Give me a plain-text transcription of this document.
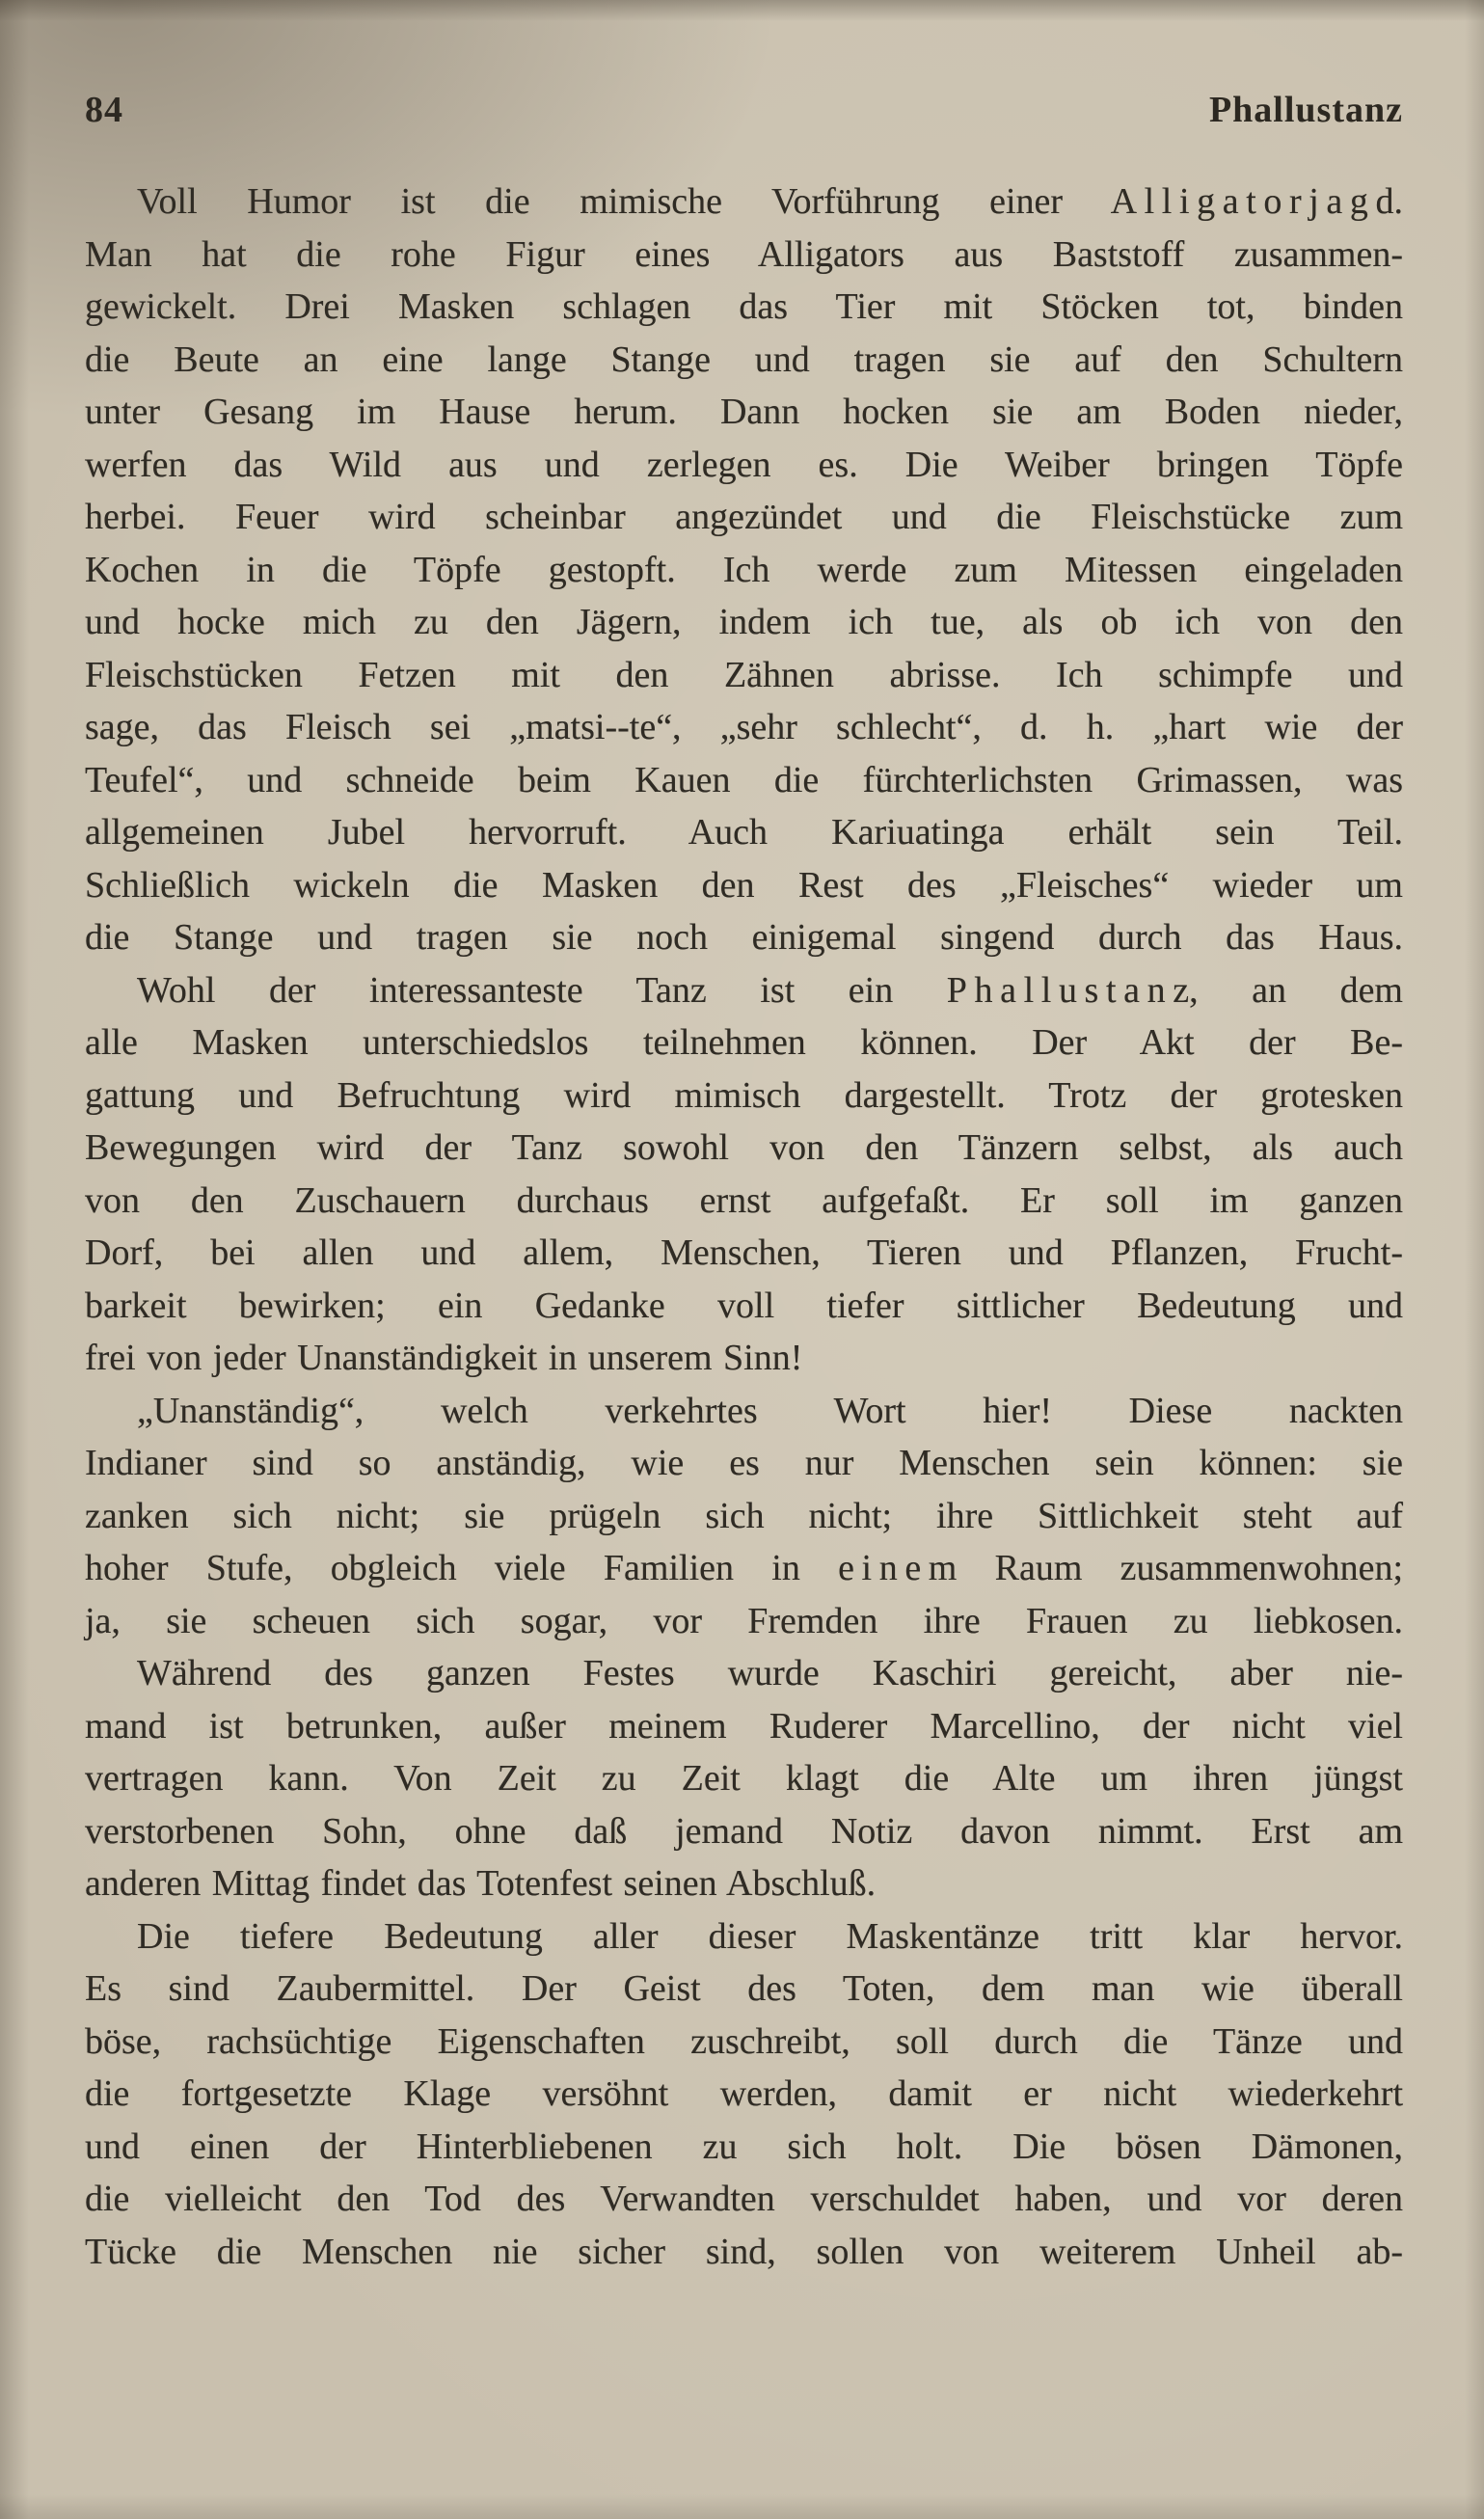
84	Phallustanz
Voll Humor ist die mimische Vorführung einer A l l i g a t o r j a g d.
Man hat die rohe Figur eines Alligators aus Baststoff zusammen-
gewickelt. Drei Masken schlagen das Tier mit Stöcken tot, binden
die Beute an eine lange Stange und tragen sie auf den Schultern
unter Gesang im Hause herum. Dann hocken sie am Boden nieder,
werfen das Wild aus und zerlegen es. Die Weiber bringen Töpfe
herbei. Feuer wird scheinbar angezündet und die Fleischstücke zum
Kochen in die Töpfe gestopft. Ich werde zum Mitessen eingeladen
und hocke mich zu den Jägern, indem ich tue, als ob ich von den
Fleischstücken Fetzen mit den Zähnen abrisse. Ich schimpfe und
sage, das Fleisch sei „matsi--te“, „sehr schlecht“, d. h. „hart wie der
Teufel“, und schneide beim Kauen die fürchterlichsten Grimassen, was
allgemeinen Jubel hervorruft. Auch Kariuatinga erhält sein Teil.
Schließlich wickeln die Masken den Rest des „Fleisches“ wieder um
die Stange und tragen sie noch einigemal singend durch das Haus.
Wohl der interessanteste Tanz ist ein P h a l l u s t a n z, an dem
alle Masken unterschiedslos teilnehmen können. Der Akt der Be-
gattung und Befruchtung wird mimisch dargestellt. Trotz der grotesken
Bewegungen wird der Tanz sowohl von den Tänzern selbst, als auch
von den Zuschauern durchaus ernst aufgefaßt. Er soll im ganzen
Dorf, bei allen und allem, Menschen, Tieren und Pflanzen, Frucht-
barkeit bewirken; ein Gedanke voll tiefer sittlicher Bedeutung und
frei von jeder Unanständigkeit in unserem Sinn!
„Unanständig“, welch verkehrtes Wort hier! Diese nackten
Indianer sind so anständig, wie es nur Menschen sein können: sie
zanken sich nicht; sie prügeln sich nicht; ihre Sittlichkeit steht auf
hoher Stufe, obgleich viele Familien in e i n e m Raum zusammenwohnen;
ja, sie scheuen sich sogar, vor Fremden ihre Frauen zu liebkosen.
Während des ganzen Festes wurde Kaschiri gereicht, aber nie-
mand ist betrunken, außer meinem Ruderer Marcellino, der nicht viel
vertragen kann. Von Zeit zu Zeit klagt die Alte um ihren jüngst
verstorbenen Sohn, ohne daß jemand Notiz davon nimmt. Erst am
anderen Mittag findet das Totenfest seinen Abschluß.
Die tiefere Bedeutung aller dieser Maskentänze tritt klar hervor.
Es sind Zaubermittel. Der Geist des Toten, dem man wie überall
böse, rachsüchtige Eigenschaften zuschreibt, soll durch die Tänze und
die fortgesetzte Klage versöhnt werden, damit er nicht wiederkehrt
und einen der Hinterbliebenen zu sich holt. Die bösen Dämonen,
die vielleicht den Tod des Verwandten verschuldet haben, und vor deren
Tücke die Menschen nie sicher sind, sollen von weiterem Unheil ab-
